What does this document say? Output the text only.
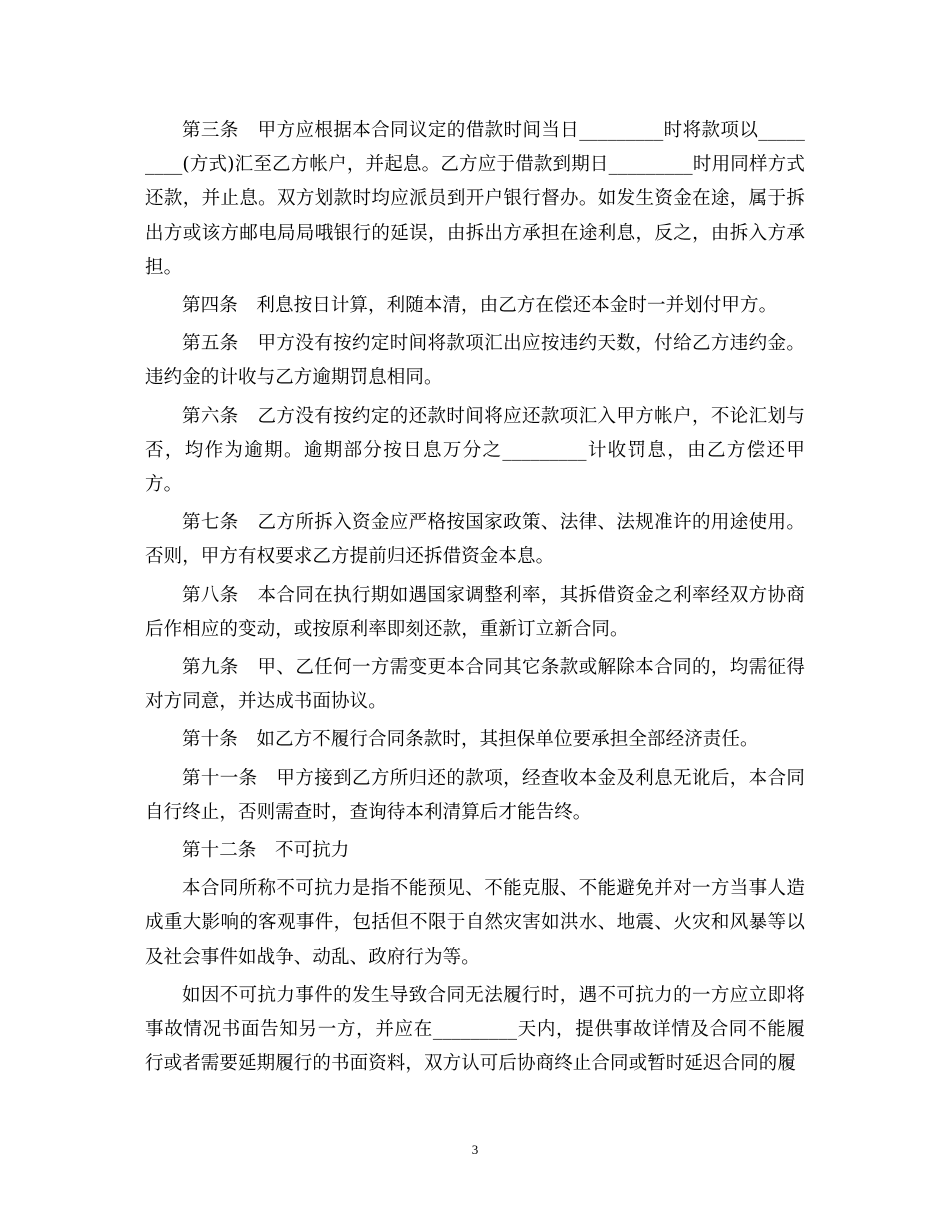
第三条　甲方应根据本合同议定的借款时间当日_________时将款项以_________(方式)汇至乙方帐户，并起息。乙方应于借款到期日_________时用同样方式还款，并止息。双方划款时均应派员到开户银行督办。如发生资金在途，属于拆出方或该方邮电局局哦银行的延误，由拆出方承担在途利息，反之，由拆入方承担。

第四条　利息按日计算，利随本清，由乙方在偿还本金时一并划付甲方。

第五条　甲方没有按约定时间将款项汇出应按违约天数，付给乙方违约金。违约金的计收与乙方逾期罚息相同。

第六条　乙方没有按约定的还款时间将应还款项汇入甲方帐户，不论汇划与否，均作为逾期。逾期部分按日息万分之_________计收罚息，由乙方偿还甲方。

第七条　乙方所拆入资金应严格按国家政策、法律、法规准许的用途使用。否则，甲方有权要求乙方提前归还拆借资金本息。

第八条　本合同在执行期如遇国家调整利率，其拆借资金之利率经双方协商后作相应的变动，或按原利率即刻还款，重新订立新合同。

第九条　甲、乙任何一方需变更本合同其它条款或解除本合同的，均需征得对方同意，并达成书面协议。

第十条　如乙方不履行合同条款时，其担保单位要承担全部经济责任。

第十一条　甲方接到乙方所归还的款项，经查收本金及利息无讹后，本合同自行终止，否则需查时，查询待本利清算后才能告终。

第十二条　不可抗力

本合同所称不可抗力是指不能预见、不能克服、不能避免并对一方当事人造成重大影响的客观事件，包括但不限于自然灾害如洪水、地震、火灾和风暴等以及社会事件如战争、动乱、政府行为等。

如因不可抗力事件的发生导致合同无法履行时，遇不可抗力的一方应立即将事故情况书面告知另一方，并应在_________天内，提供事故详情及合同不能履行或者需要延期履行的书面资料，双方认可后协商终止合同或暂时延迟合同的履

3
